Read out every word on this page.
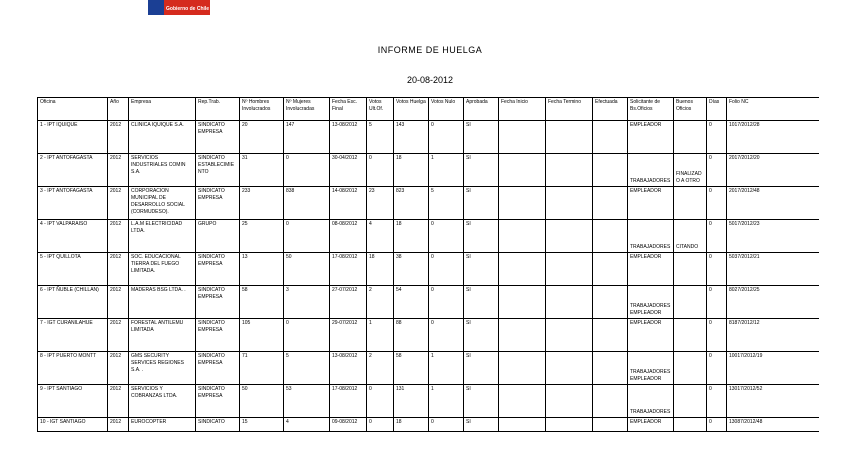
Gobierno de Chile
INFORME DE HUELGA
20-08-2012
Oficina	Año	Empresa	Rep.Trab.	Nº Hombres Involucrados	Nº Mujeres Involucradas	Fecha Esc. Final	Votos Ult.Of.	Votos Huelga	Votos Nulo	Aprobada	Fecha Inicio	Fecha Termino	Efectuada	Solicitante de Bs.Oficios	Buenos Oficios	Días	Folio NC
1 - IPT IQUIQUE	2012	CLINICA IQUIQUE S.A.	SINDICATO EMPRESA	20	147	13-08/2012	5	143	0	SI				EMPLEADOR		0	1017/2012/28
2 - IPT ANTOFAGASTA	2012	SERVICIOS INDUSTRIALES COMIN S.A.	SINDICATO ESTABLECIMIENTO	31	0	30-04/2012	0	18	1	SI				TRABAJADORES	FINALIZADO A OTRO	0	2017/2012/20
3 - IPT ANTOFAGASTA	2012	CORPORACION MUNICIPAL DE DESARROLLO SOCIAL (CORMUDESO).	SINDICATO EMPRESA	233	838	14-08/2012	23	823	5	SI				EMPLEADOR		0	2017/2012/48
4 - IPT VALPARAISO	2012	L.A.M ELECTRICIDAD LTDA.	GRUPO	25	0	08-08/2012	4	18	0	SI				TRABAJADORES	CITANDO	0	5017/2012/23
5 - IPT QUILLOTA	2012	SOC. EDUCACIONAL TIERRA DEL FUEGO LIMITADA.	SINDICATO EMPRESA	13	50	17-08/2012	18	38	0	SI				EMPLEADOR		0	5037/2012/21
6 - IPT ÑUBLE (CHILLAN)	2012	MADERAS BSG LTDA. .	SINDICATO EMPRESA	58	3	27-07/2012	2	54	0	SI				TRABAJADORES EMPLEADOR		0	8027/2012/25
7 - IGT CURANILAHUE	2012	FORESTAL ANTILEMU LIMITADA	SINDICATO EMPRESA	105	0	29-07/2012	1	88	0	SI				EMPLEADOR		0	8187/2012/12
8 - IPT PUERTO MONTT	2012	GMS SECURITY SERVICES REGIONES S.A. .	SINDICATO EMPRESA	71	5	13-08/2012	2	58	1	SI				TRABAJADORES EMPLEADOR		0	10017/2012/19
9 - IPT SANTIAGO	2012	SERVICIOS Y COBRANZAS LTDA.	SINDICATO EMPRESA	50	53	17-08/2012	0	131	1	SI				TRABAJADORES		0	13017/2012/52
10 - IGT SANTIAGO	2012	EUROCOPTER	SINDICATO	15	4	09-08/2012	0	18	0	SI				EMPLEADOR		0	13087/2012/48
